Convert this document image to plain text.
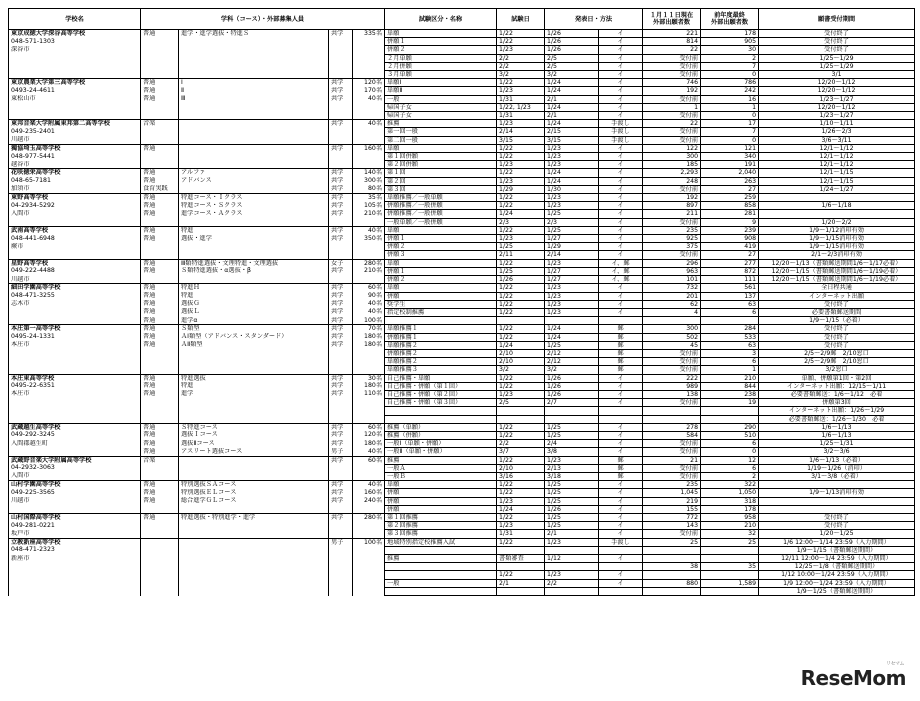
学校名	学科（コース）・外部募集人員				試験区分・名称	試験日	発表日・方法		１月１１日現在
外部出願者数	前年度最終
外部出願者数	願書受付期間
東京成徳大学深谷高等学校	普通	進学・進学選抜・特進Ｓ	共学	335名	単願	1/22	1/26	イ	221	178	受付終了
048-571-1303					併願１	1/22	1/26	イ	814	905	受付終了
深谷市					併願２	1/23	1/26	イ	22	30	受付終了
					２月単願	2/2	2/5	イ	受付前	2	1/25～1/29
					２月併願	2/2	2/5	イ	受付前	7	1/25～1/29
					３月単願	3/2	3/2	イ	受付前	0	3/1
東京農業大学第三高等学校	普通	Ⅰ	共学	120名	単願Ⅰ	1/22	1/24	イ	746	786	12/20～1/12
0493-24-4611	普通	Ⅱ	共学	170名	単願Ⅱ	1/23	1/24	イ	192	242	12/20～1/12
東松山市	普通	Ⅲ	共学	40名	一般	1/31	2/1	イ	受付前	16	1/23～1/27
					帰国子女	1/22, 1/23	1/24	イ	1	1	12/20～1/12
					帰国子女	1/31	2/1	イ	受付前	0	1/23～1/27
東邦音楽大学附属東邦第二高等学校	音楽		共学	40名	推薦	1/23	1/24	手渡し	22	17	1/10～1/11
049-235-2401					第一回一般	2/14	2/15	手渡し	受付前	7	1/26～2/3
川越市					第二回一般	3/15	3/15	手渡し	受付前	0	3/6～3/11
獨協埼玉高等学校	普通		共学	160名	単願	1/22	1/23	イ	122	121	12/1～1/12
048-977-5441					第１回併願	1/22	1/23	イ	300	340	12/1～1/12
越谷市					第２回併願	1/23	1/23	イ	185	191	12/1～1/12
花咲徳栄高等学校	普通	アルファ	共学	140名	第１回	1/22	1/24	イ	2,293	2,040	12/1～1/15
048-65-7181	普通	アドバンス	共学	300名	第２回	1/23	1/24	イ	248	263	12/1～1/15
加須市	食育実践		共学	80名	第３回	1/29	1/30	イ	受付前	27	1/24～1/27
東野高等学校	普通	特進コース・Ｉクラス	共学	35名	単願推薦／一般単願	1/22	1/23	イ	192	259	
04-2934-5292	普通	特進コース・Ｓクラス	共学	105名	併願推薦／一般併願	1/22	1/23	イ	897	858	1/6～1/18
入間市	普通	進学コース・Ａクラス	共学	210名	併願推薦／一般併願	1/24	1/25	イ	211	281	
					一般単願／一般併願	2/3	2/3	イ	受付前	9	1/20～2/2
武南高等学校	普通	特進	共学	40名	単願	1/22	1/25	イ	235	239	1/9～1/12消印有効
048-441-6948	普通	選抜・進学	共学	350名	併願１	1/23	1/27	イ	925	908	1/9～1/15消印有効
蕨市					併願２	1/25	1/29	イ	375	419	1/9～1/15消印有効
					併願３	2/11	2/14	イ	受付前	27	2/1～2/3消印有効
星野高等学校	普通	Ⅲ類特進選抜・文理特進・文理選抜	女子	280名	単願	1/22	1/23	イ、郵	296	277	12/20～1/13（書類郵送期間1/6～1/17必着）
049-222-4488	普通	Ｓ類特進選抜・α選抜・β	共学	210名	併願１	1/25	1/27	イ、郵	963	872	12/20～1/15（書類郵送期間1/6～1/19必着）
川越市					併願２	1/26	1/27	イ、郵	101	111	12/20～1/15（書類郵送期間1/6～1/19必着）
細田学園高等学校	普通	特進Ｈ	共学	60名	単願	1/22	1/23	イ	732	561	全日程共通
048-471-3255	普通	特進	共学	90名	併願	1/22	1/23	イ	201	137	インターネット出願
志木市	普通	選抜Ｇ	共学	40名	奨学生	1/22	1/23	イ	62	63	受付終了
	普通	選抜Ｌ	共学	40名	指定校制推薦	1/22	1/23	イ	4	6	必要書類郵送期間
	普通	進学α	共学	100名							1/9～1/15（必着）
本庄第一高等学校	普通	Ｓ類型	共学	70名	単願推薦１	1/22	1/24	郵	300	284	受付終了
0495-24-1331	普通	ＡⅠ類型（アドバンス・スタンダード）	共学	180名	併願推薦１	1/22	1/24	郵	502	533	受付終了
本庄市	普通	ＡⅡ類型	共学	180名	単願推薦２	1/24	1/25	郵	45	63	受付終了
					併願推薦２	2/10	2/12	郵	受付前	3	2/5～2/9郵　2/10窓口
					単願推薦２	2/10	2/12	郵	受付前	6	2/5～2/9郵　2/10窓口
					単願推薦３	3/2	3/2	郵	受付前	1	3/2窓口
本庄東高等学校	普通	特進選抜	共学	30名	自己推薦・単願	1/22	1/26	イ	222	210	単願、併願第1回・第2回
0495-22-6351	普通	特進	共学	180名	自己推薦・併願（第１回）	1/22	1/26	イ	989	844	インターネット出願：12/15～1/11
本庄市	普通	進学	共学	110名	自己推薦・併願（第２回）	1/23	1/26	イ	138	238	必要書類郵送：1/6～1/12　必着
					自己推薦・併願（第３回）	2/5	2/7	イ	受付前	19	併願第3回
											インターネット出願：1/26～1/29
											必要書類郵送：1/26～1/30　必着
武蔵越生高等学校	普通	Ｓ特進コース	共学	60名	推薦（単願）	1/22	1/25	イ	278	290	1/6～1/13
049-292-3245	普通	選抜Ｉコース	共学	120名	推薦（併願）	1/22	1/25	イ	584	510	1/6～1/13
入間郡越生町	普通	選抜Ⅱコース	共学	180名	一般Ⅰ（単願・併願）	2/2	2/4	イ	受付前	6	1/25～1/31
	普通	アスリート選抜コース	男子	40名	一般Ⅱ（単願・併願）	3/7	3/8	イ	受付前	0	3/2～3/6
武蔵野音楽大学附属高等学校	音楽		共学	60名	推薦	1/22	1/23	郵	21	12	1/6～1/13（必着）
04-2932-3063					一般Ａ	2/10	2/13	郵	受付前	6	1/19～1/26（消印）
入間市					一般Ｂ	3/16	3/18	郵	受付前	2	3/1～3/8（必着）
山村学園高等学校	普通	特別選抜ＳＡコース	共学	40名	単願	1/22	1/25	イ	235	322	
049-225-3565	普通	特別選抜ＥＬコース	共学	160名	併願	1/22	1/25	イ	1,045	1,050	1/9～1/13消印有効
川越市	普通	総合進学ＧＬコース	共学	240名	併願	1/23	1/25	イ	219	318	
					併願	1/24	1/26	イ	155	178	
山村国際高等学校	普通	特進選抜・特別進学・進学	共学	280名	第１回推薦	1/22	1/25	イ	772	958	受付終了
049-281-0221					第２回推薦	1/23	1/25	イ	143	210	受付終了
坂戸市					第３回推薦	1/31	2/1	イ	受付前	32	1/20～1/25
立教新座高等学校			男子	100名	地域特別指定校推薦入試	1/22	1/23	手渡し	25	25	1/6 12:00～1/14 23:59（入力期間）
048-471-2323											1/9～1/15（書類郵送期間）
新座市					推薦	書類審査	1/12	イ			12/11 12:00～1/4 23:59（入力期間）
									38	35	12/25～1/8（書類郵送期間）
						1/22	1/23	イ			1/12 10:00～1/24 23:59（入力期間）
					一般	2/1	2/2	イ	880	1,589	1/9 12:00～1/24 23:59（入力期間）
											1/9～1/25（書類郵送期間）
ReseMom
リセマム
